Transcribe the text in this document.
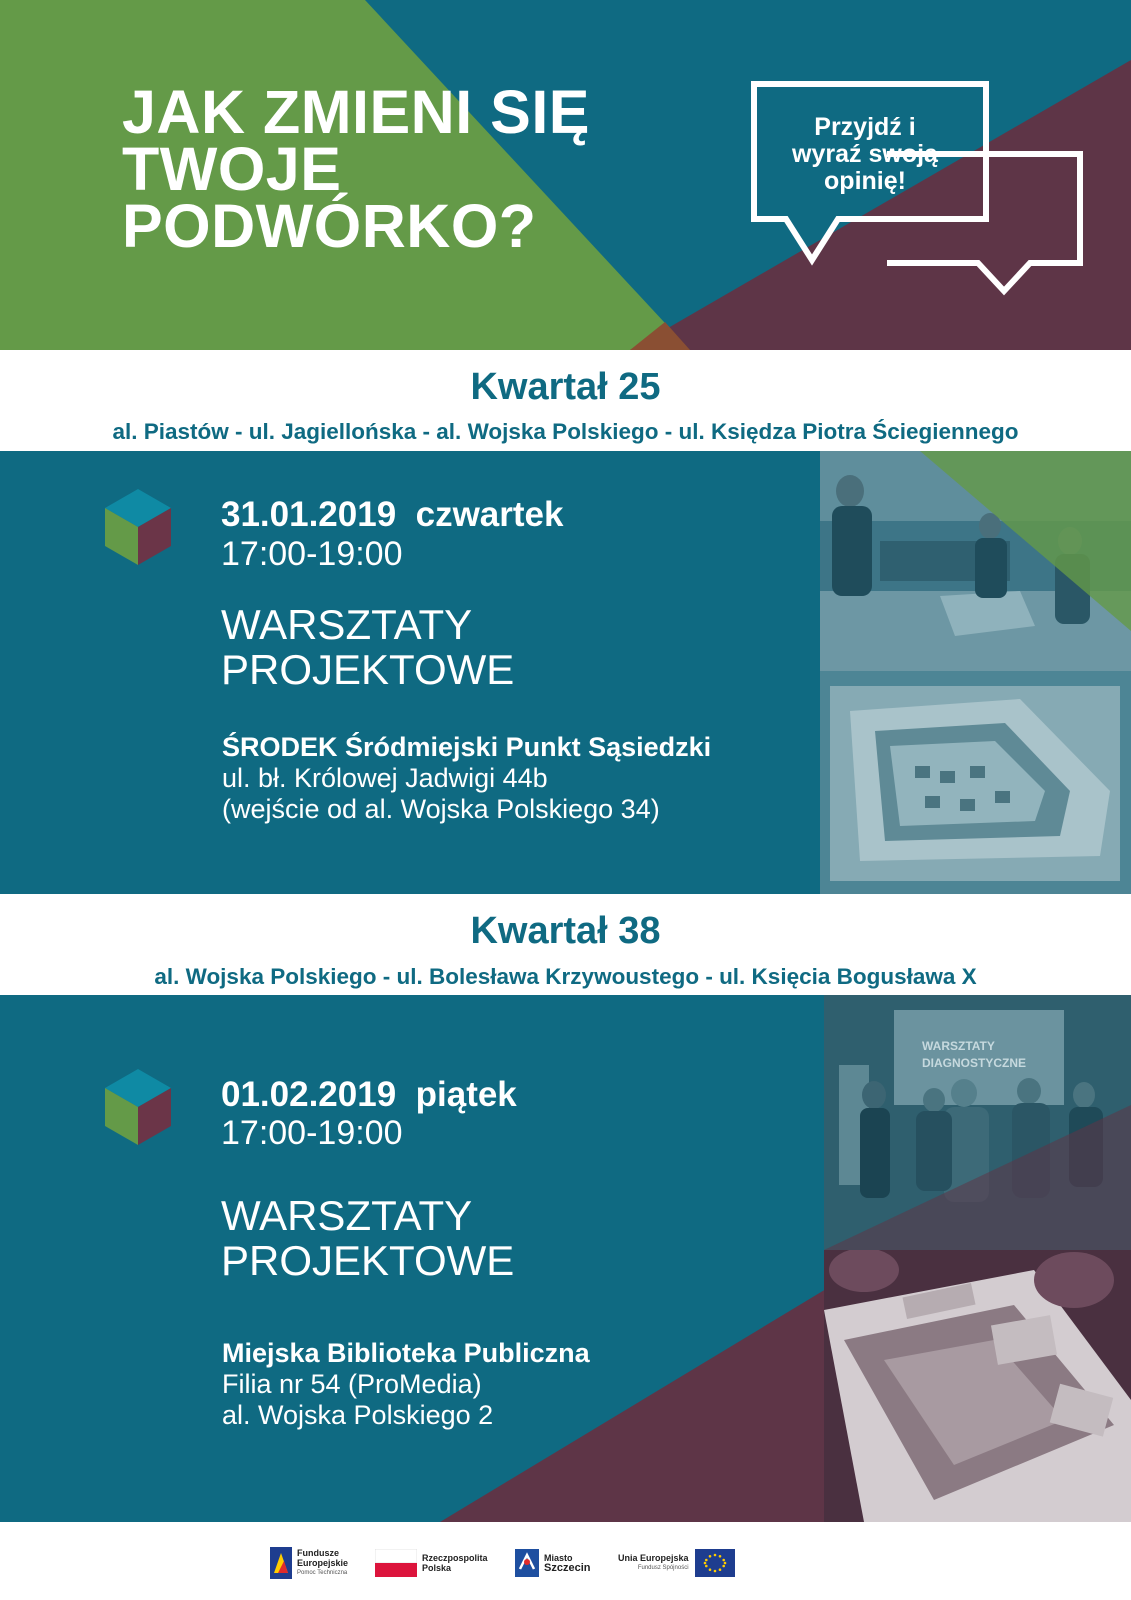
JAK ZMIENI SIĘ
TWOJE
PODWÓRKO?
Przyjdź i
wyraź swoją
opinię!
Kwartał 25
al. Piastów - ul. Jagiellońska - al. Wojska Polskiego - ul. Księdza Piotra Ściegiennego
31.01.2019  czwartek
17:00-19:00
WARSZTATY
PROJEKTOWE
ŚRODEK Śródmiejski Punkt Sąsiedzki
ul. bł. Królowej Jadwigi 44b
(wejście od al. Wojska Polskiego 34)
Kwartał 38
al. Wojska Polskiego - ul. Bolesława Krzywoustego - ul. Księcia Bogusława X
01.02.2019  piątek
17:00-19:00
WARSZTATY
PROJEKTOWE
Miejska Biblioteka Publiczna
Filia nr 54 (ProMedia)
al. Wojska Polskiego 2
WARSZTATY
DIAGNOSTYCZNE
Fundusze
Europejskie
Pomoc Techniczna
Rzeczpospolita
Polska
Miasto
Szczecin
Unia Europejska
Fundusz Spójności
